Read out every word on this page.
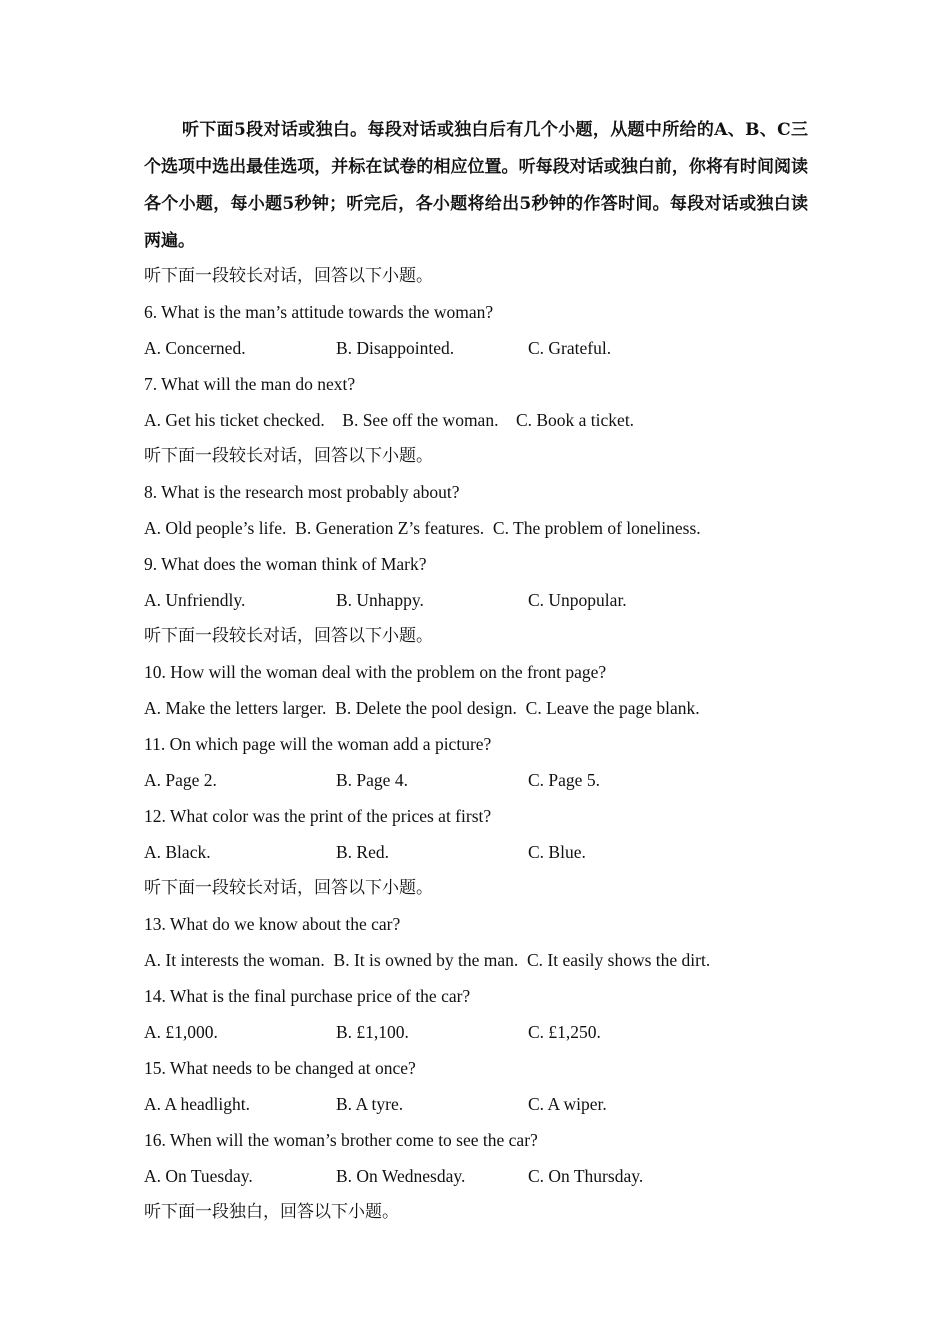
听下面5段对话或独白。每段对话或独白后有几个小题，从题中所给的A、B、C三个选项中选出最佳选项，并标在试卷的相应位置。听每段对话或独白前，你将有时间阅读各个小题，每小题5秒钟；听完后，各小题将给出5秒钟的作答时间。每段对话或独白读两遍。

听下面一段较长对话，回答以下小题。
6. What is the man’s attitude towards the woman?
A. Concerned.	B. Disappointed.	C. Grateful.
7. What will the man do next?
A. Get his ticket checked.    B. See off the woman.    C. Book a ticket.
听下面一段较长对话，回答以下小题。
8. What is the research most probably about?
A. Old people’s life.  B. Generation Z’s features.  C. The problem of loneliness.
9. What does the woman think of Mark?
A. Unfriendly.	B. Unhappy.	C. Unpopular.
听下面一段较长对话，回答以下小题。
10. How will the woman deal with the problem on the front page?
A. Make the letters larger.  B. Delete the pool design.  C. Leave the page blank.
11. On which page will the woman add a picture?
A. Page 2.	B. Page 4.	C. Page 5.
12. What color was the print of the prices at first?
A. Black.	B. Red.	C. Blue.
听下面一段较长对话，回答以下小题。
13. What do we know about the car?
A. It interests the woman.  B. It is owned by the man.  C. It easily shows the dirt.
14. What is the final purchase price of the car?
A. £1,000.	B. £1,100.	C. £1,250.
15. What needs to be changed at once?
A. A headlight.	B. A tyre.	C. A wiper.
16. When will the woman’s brother come to see the car?
A. On Tuesday.	B. On Wednesday.	C. On Thursday.
听下面一段独白，回答以下小题。
